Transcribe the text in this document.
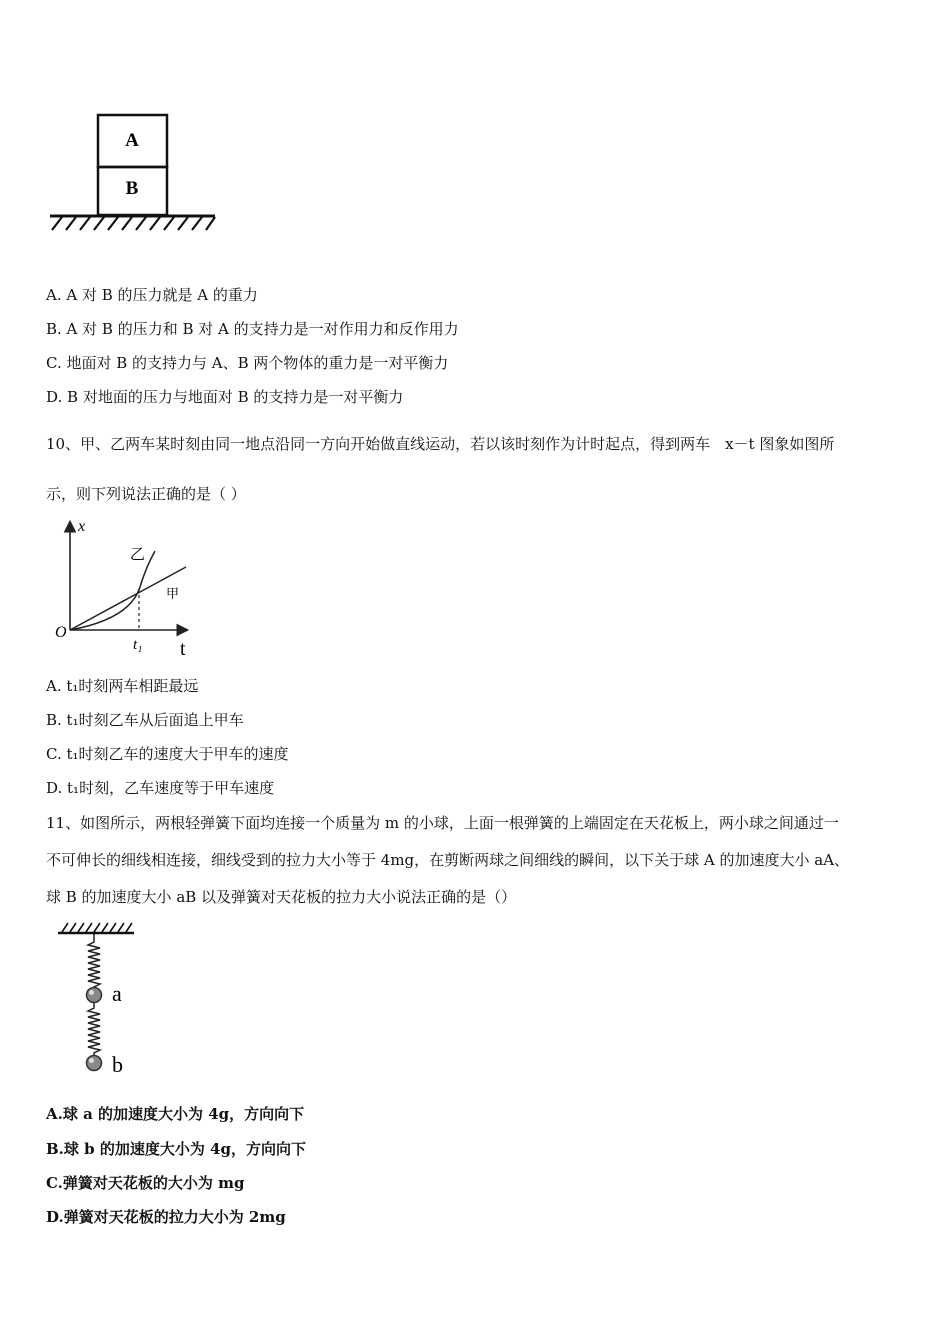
A
B
A. A 对 B 的压力就是 A 的重力
B. A 对 B 的压力和 B 对 A 的支持力是一对作用力和反作用力
C. 地面对 B 的支持力与 A、B 两个物体的重力是一对平衡力
D. B 对地面的压力与地面对 B 的支持力是一对平衡力
10、甲、乙两车某时刻由同一地点沿同一方向开始做直线运动，若以该时刻作为计时起点，得到两车　x－t 图象如图所
示，则下列说法正确的是（ ）
x
t
O
t₁
乙
甲
A. t₁时刻两车相距最远
B. t₁时刻乙车从后面追上甲车
C. t₁时刻乙车的速度大于甲车的速度
D. t₁时刻，乙车速度等于甲车速度
11、如图所示，两根轻弹簧下面均连接一个质量为 m 的小球，上面一根弹簧的上端固定在天花板上，两小球之间通过一
不可伸长的细线相连接，细线受到的拉力大小等于 4mg，在剪断两球之间细线的瞬间，以下关于球 A 的加速度大小 aA、
球 B 的加速度大小 aB 以及弹簧对天花板的拉力大小说法正确的是（）
a
b
A.球 a 的加速度大小为 4g，方向向下
B.球 b 的加速度大小为 4g，方向向下
C.弹簧对天花板的大小为 mg
D.弹簧对天花板的拉力大小为 2mg
